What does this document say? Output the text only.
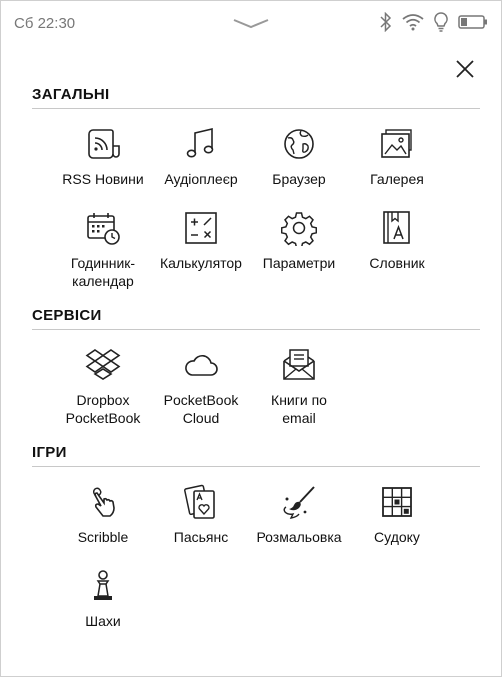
Сб 22:30
ЗАГАЛЬНІ
RSS Новини	Аудіоплеєр	Браузер	Галерея
Годинник-
календар
Калькулятор	Параметри	Словник
СЕРВІСИ
Dropbox
PocketBook
PocketBook
Cloud
Книги по
email
ІГРИ
Scribble	Пасьянс	Розмальовка	Судоку
Шахи
